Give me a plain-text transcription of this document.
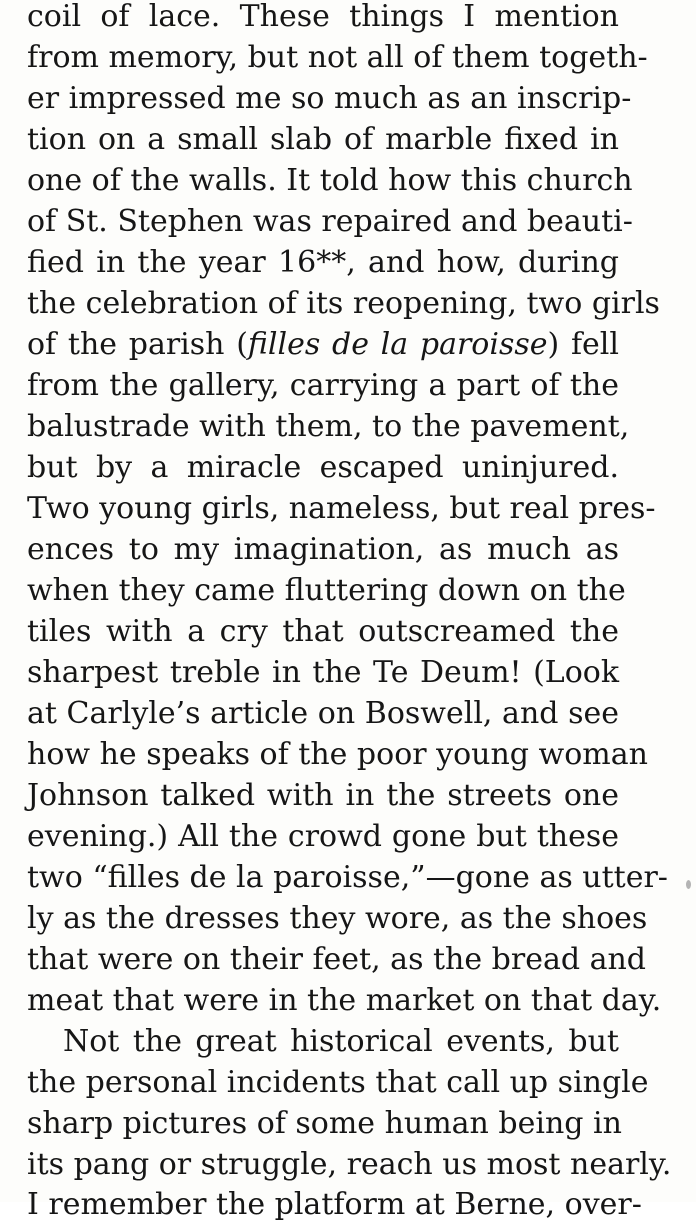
coil of lace. These things I mention
from memory, but not all of them togeth-
er impressed me so much as an inscrip-
tion on a small slab of marble fixed in
one of the walls. It told how this church
of St. Stephen was repaired and beauti-
fied in the year 16**, and how, during
the celebration of its reopening, two girls
of the parish (filles de la paroisse) fell
from the gallery, carrying a part of the
balustrade with them, to the pavement,
but by a miracle escaped uninjured.
Two young girls, nameless, but real pres-
ences to my imagination, as much as
when they came fluttering down on the
tiles with a cry that outscreamed the
sharpest treble in the Te Deum! (Look
at Carlyle’s article on Boswell, and see
how he speaks of the poor young woman
Johnson talked with in the streets one
evening.) All the crowd gone but these
two “filles de la paroisse,”—gone as utter-
ly as the dresses they wore, as the shoes
that were on their feet, as the bread and
meat that were in the market on that day.
Not the great historical events, but
the personal incidents that call up single
sharp pictures of some human being in
its pang or struggle, reach us most nearly.
I remember the platform at Berne, over-
